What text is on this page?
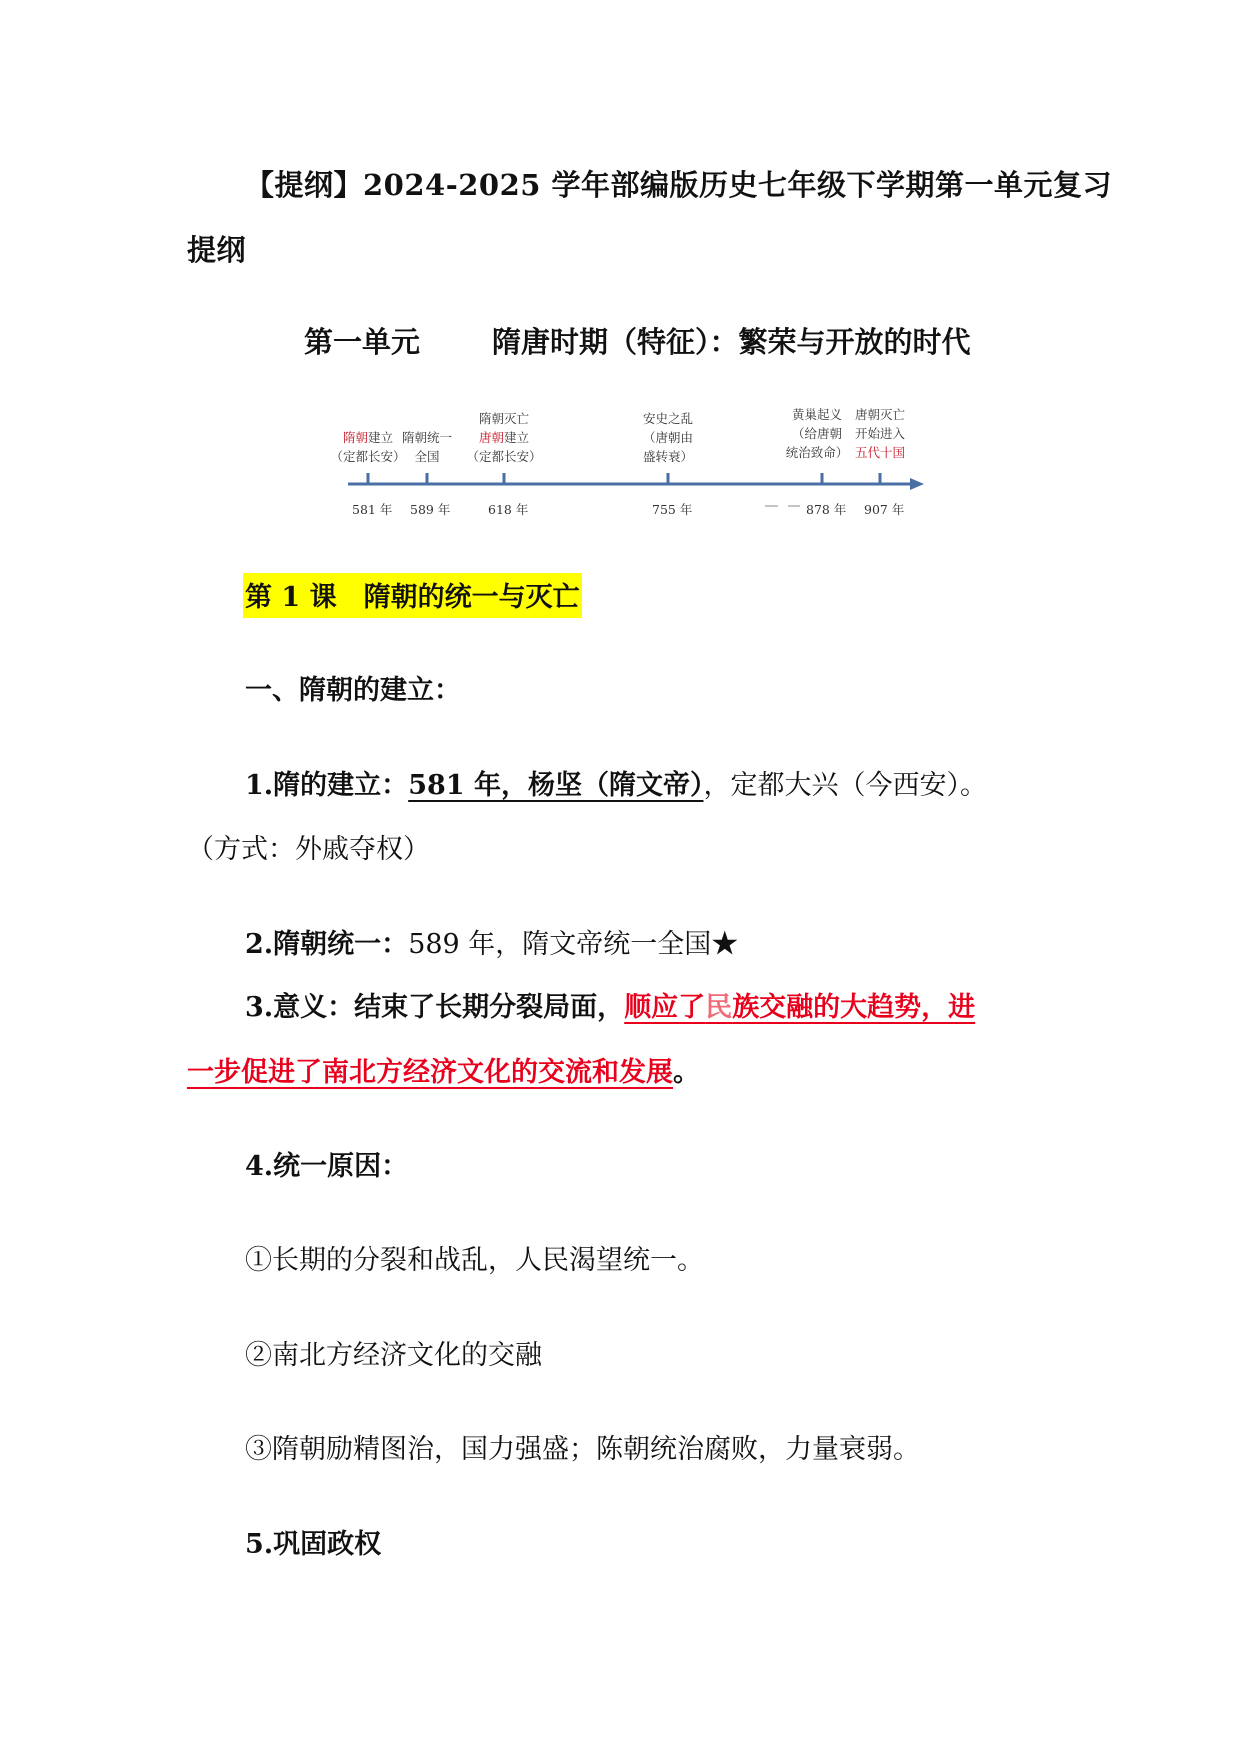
【提纲】2024-2025 学年部编版历史七年级下学期第一单元复习
提纲
第一单元 隋唐时期（特征）：繁荣与开放的时代
隋朝建立
（定都长安）
581 年
隋朝统一
全国
589 年
隋朝灭亡
唐朝建立
（定都长安）
618 年
安史之乱
（唐朝由
盛转衰）
755 年
黄巢起义
（给唐朝
统治致命）
878 年
唐朝灭亡
开始进入
五代十国
907 年
第 1 课　隋朝的统一与灭亡
一、隋朝的建立：
1.隋的建立：581 年，杨坚（隋文帝），定都大兴（今西安）。
（方式：外戚夺权）
2.隋朝统一：589 年，隋文帝统一全国★
3.意义：结束了长期分裂局面，顺应了民族交融的大趋势，进
一步促进了南北方经济文化的交流和发展。
4.统一原因：
①长期的分裂和战乱，人民渴望统一。
②南北方经济文化的交融
③隋朝励精图治，国力强盛；陈朝统治腐败，力量衰弱。
5.巩固政权
